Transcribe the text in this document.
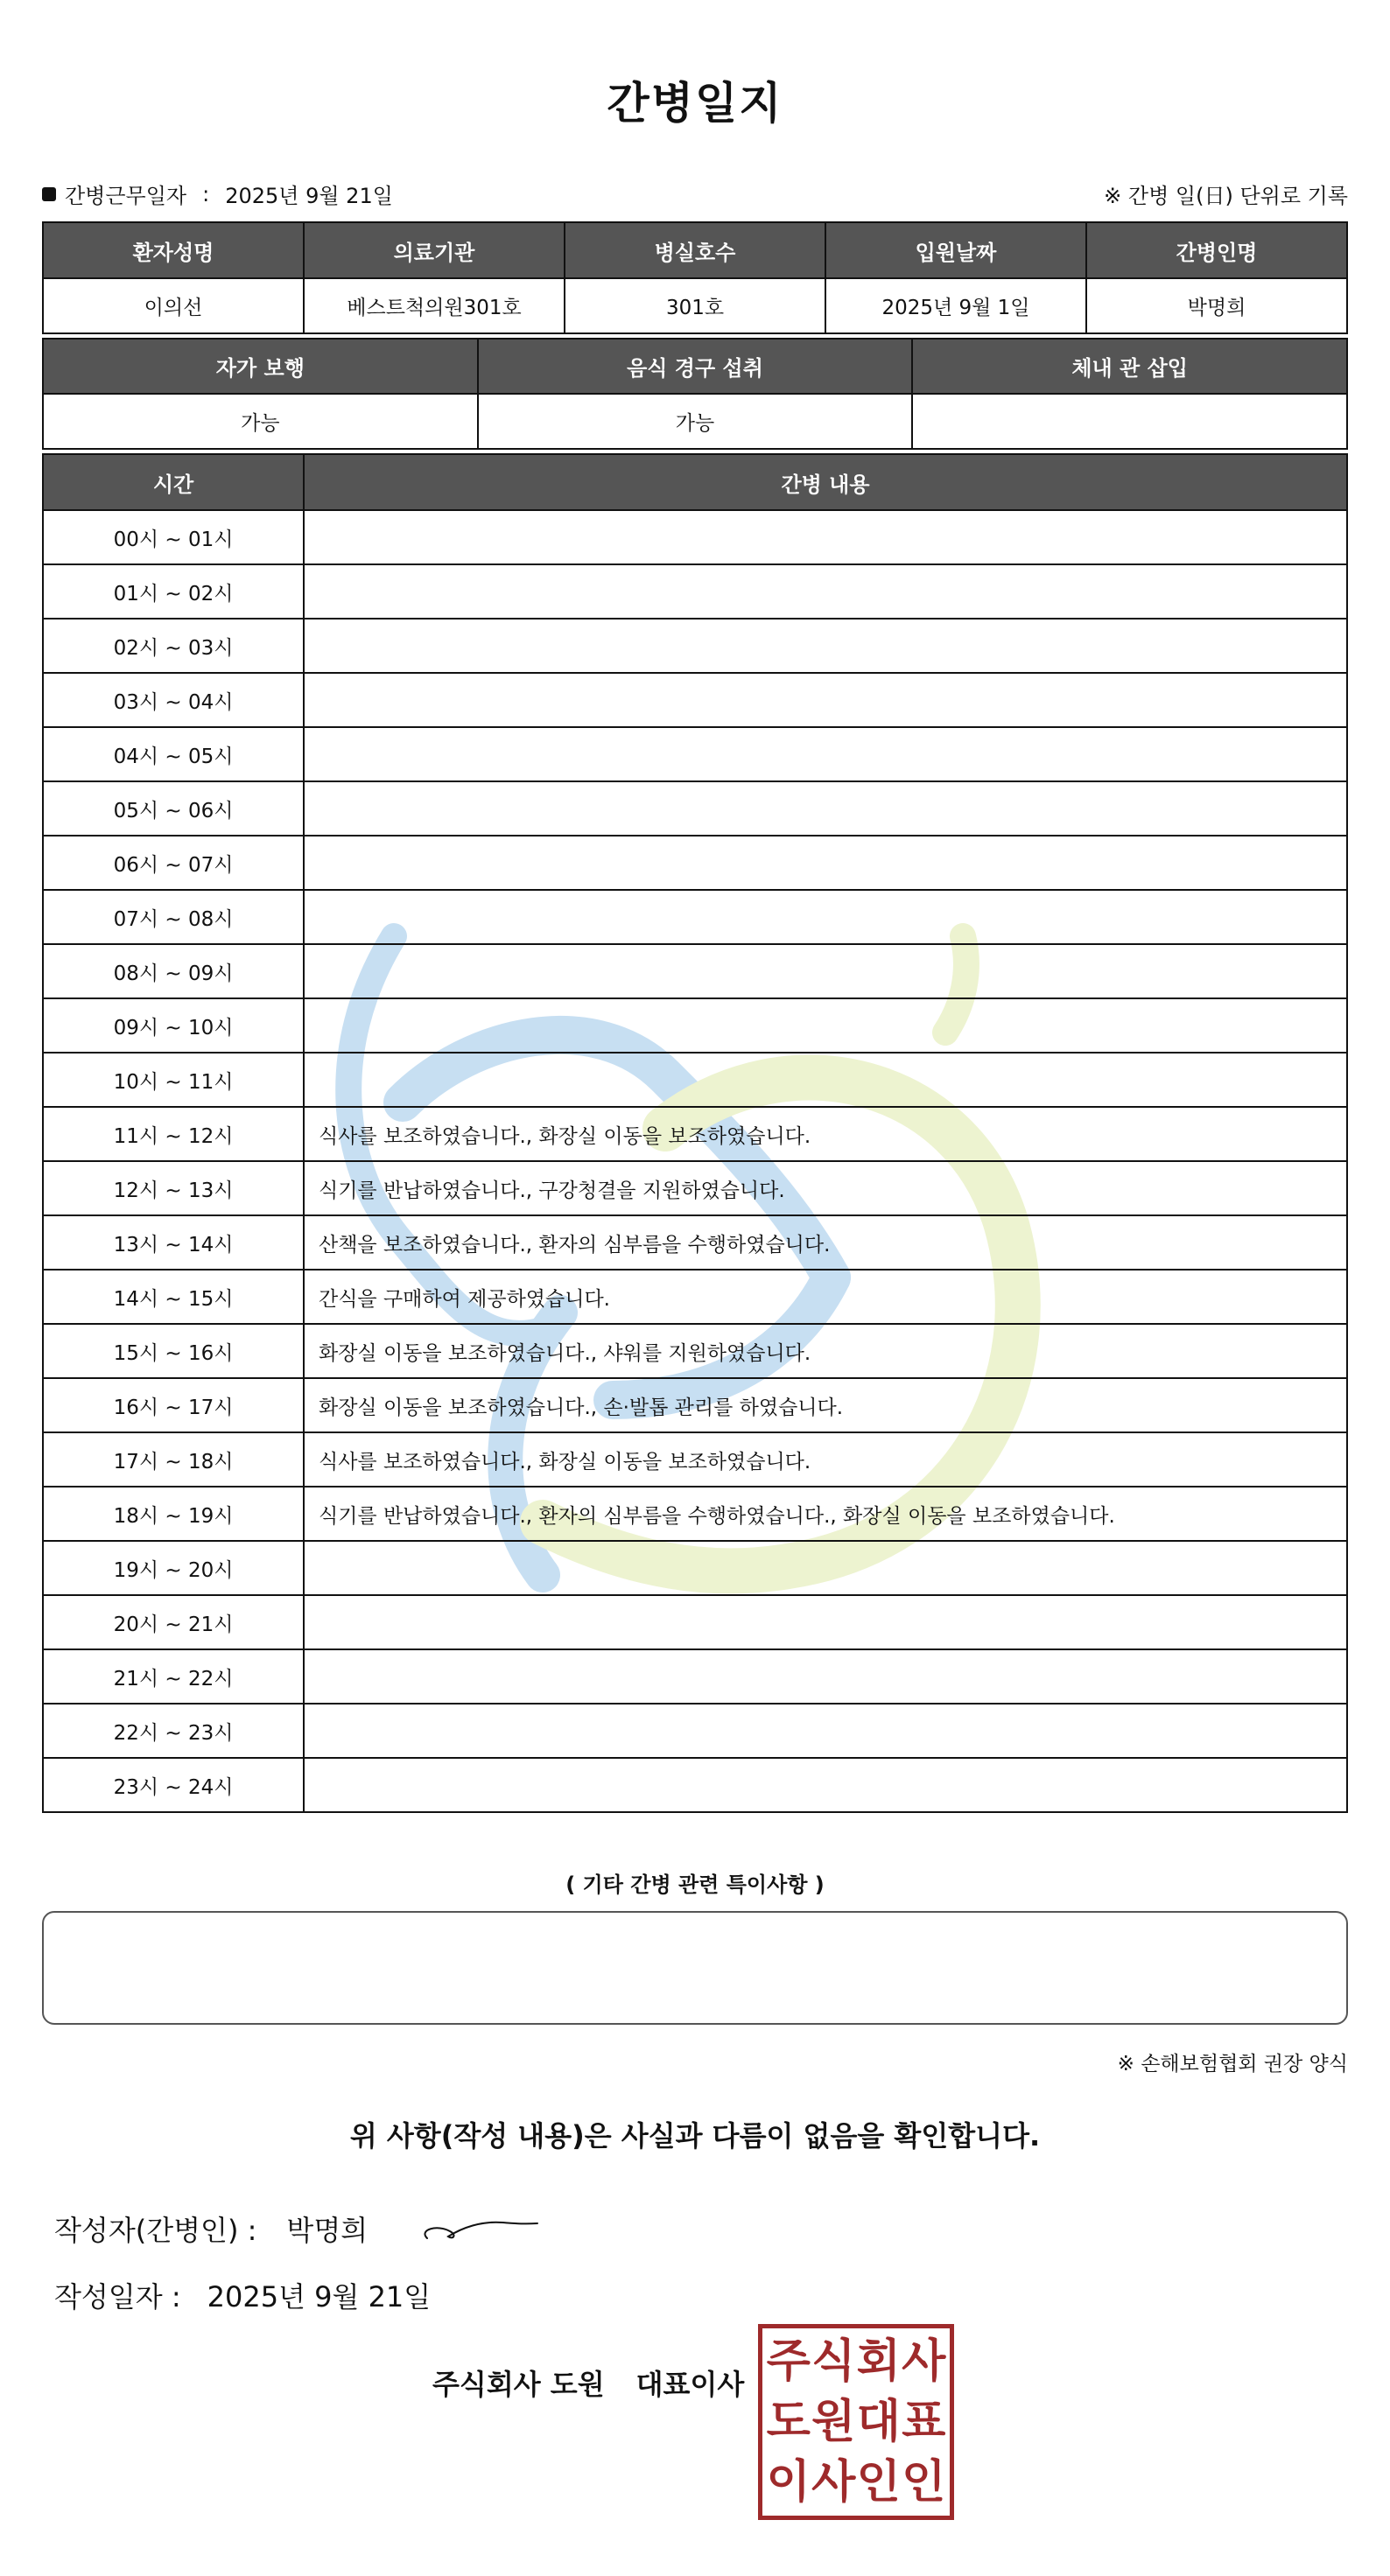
간병일지
간병근무일자 : 2025년 9월 21일	※ 간병 일(日) 단위로 기록
환자성명	의료기관	병실호수	입원날짜	간병인명
이의선	베스트척의원301호	301호	2025년 9월 1일	박명희
자가 보행	음식 경구 섭취	체내 관 삽입
가능	가능	
시간	간병 내용
00시 ~ 01시	
01시 ~ 02시	
02시 ~ 03시	
03시 ~ 04시	
04시 ~ 05시	
05시 ~ 06시	
06시 ~ 07시	
07시 ~ 08시	
08시 ~ 09시	
09시 ~ 10시	
10시 ~ 11시	
11시 ~ 12시	식사를 보조하였습니다., 화장실 이동을 보조하였습니다.
12시 ~ 13시	식기를 반납하였습니다., 구강청결을 지원하였습니다.
13시 ~ 14시	산책을 보조하였습니다., 환자의 심부름을 수행하였습니다.
14시 ~ 15시	간식을 구매하여 제공하였습니다.
15시 ~ 16시	화장실 이동을 보조하였습니다., 샤워를 지원하였습니다.
16시 ~ 17시	화장실 이동을 보조하였습니다., 손·발톱 관리를 하였습니다.
17시 ~ 18시	식사를 보조하였습니다., 화장실 이동을 보조하였습니다.
18시 ~ 19시	식기를 반납하였습니다., 환자의 심부름을 수행하였습니다., 화장실 이동을 보조하였습니다.
19시 ~ 20시	
20시 ~ 21시	
21시 ~ 22시	
22시 ~ 23시	
23시 ~ 24시	
( 기타 간병 관련 특이사항 )
※ 손해보험협회 권장 양식
위 사항(작성 내용)은 사실과 다름이 없음을 확인합니다.
작성자(간병인) : 박명희
작성일자 : 2025년 9월 21일
주식회사 도원 대표이사 주 식 회 사
도 원 대 표
이 사 인 인
